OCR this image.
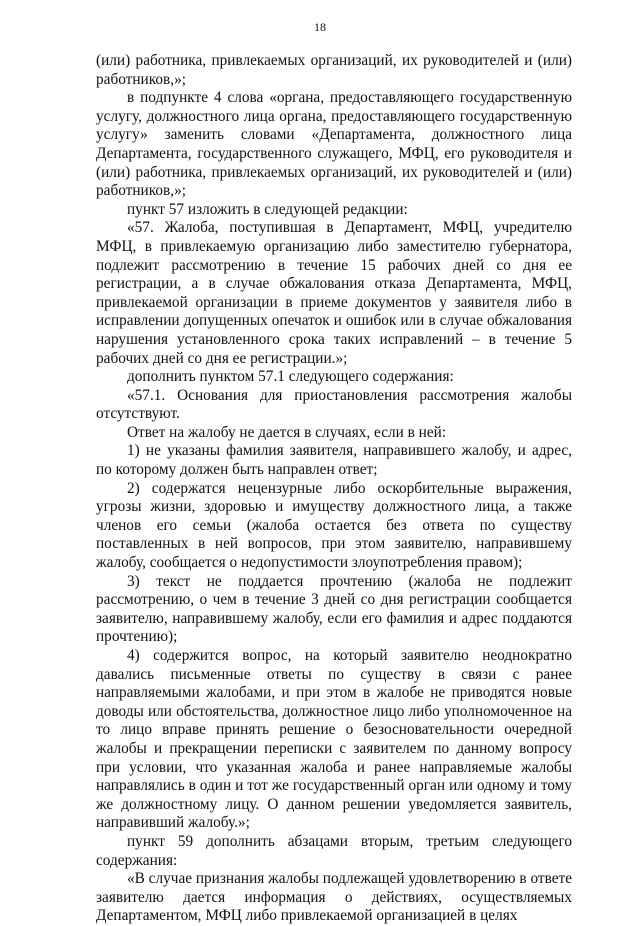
18

(или) работника, привлекаемых организаций, их руководителей и (или) работников,»;

в подпункте 4 слова «органа, предоставляющего государственную услугу, должностного лица органа, предоставляющего государственную услугу» заменить словами «Департамента, должностного лица Департамента, государственного служащего, МФЦ, его руководителя и (или) работника, привлекаемых организаций, их руководителей и (или) работников,»;

пункт 57 изложить в следующей редакции:

«57. Жалоба, поступившая в Департамент, МФЦ, учредителю МФЦ, в привлекаемую организацию либо заместителю губернатора, подлежит рассмотрению в течение 15 рабочих дней со дня ее регистрации, а в случае обжалования отказа Департамента, МФЦ, привлекаемой организации в приеме документов у заявителя либо в исправлении допущенных опечаток и ошибок или в случае обжалования нарушения установленного срока таких исправлений – в течение 5 рабочих дней со дня ее регистрации.»;

дополнить пунктом 57.1 следующего содержания:

«57.1. Основания для приостановления рассмотрения жалобы отсутствуют.

Ответ на жалобу не дается в случаях, если в ней:

1) не указаны фамилия заявителя, направившего жалобу, и адрес, по которому должен быть направлен ответ;

2) содержатся нецензурные либо оскорбительные выражения, угрозы жизни, здоровью и имуществу должностного лица, а также членов его семьи (жалоба остается без ответа по существу поставленных в ней вопросов, при этом заявителю, направившему жалобу, сообщается о недопустимости злоупотребления правом);

3) текст не поддается прочтению (жалоба не подлежит рассмотрению, о чем в течение 3 дней со дня регистрации сообщается заявителю, направившему жалобу, если его фамилия и адрес поддаются прочтению);

4) содержится вопрос, на который заявителю неоднократно давались письменные ответы по существу в связи с ранее направляемыми жалобами, и при этом в жалобе не приводятся новые доводы или обстоятельства, должностное лицо либо уполномоченное на то лицо вправе принять решение о безосновательности очередной жалобы и прекращении переписки с заявителем по данному вопросу при условии, что указанная жалоба и ранее направляемые жалобы направлялись в один и тот же государственный орган или одному и тому же должностному лицу. О данном решении уведомляется заявитель, направивший жалобу.»;

пункт 59 дополнить абзацами вторым, третьим следующего содержания:

«В случае признания жалобы подлежащей удовлетворению в ответе заявителю дается информация о действиях, осуществляемых Департаментом, МФЦ либо привлекаемой организацией в целях
